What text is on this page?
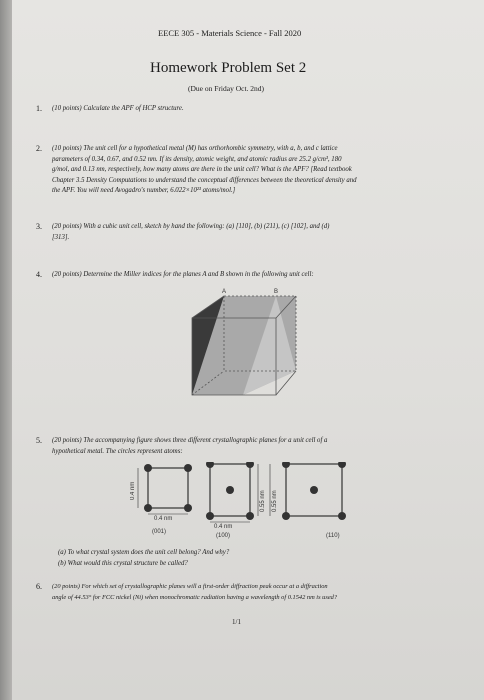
EECE 305 - Materials Science - Fall 2020
Homework Problem Set 2
(Due on Friday Oct. 2nd)
1. (10 points) Calculate the APF of HCP structure.
2. (10 points) The unit cell for a hypothetical metal (M) has orthorhombic symmetry, with a, b, and c lattice
parameters of 0.34, 0.67, and 0.52 nm. If its density, atomic weight, and atomic radius are 25.2 g/cm³, 180
g/mol, and 0.13 nm, respectively, how many atoms are there in the unit cell? What is the APF? [Read textbook
Chapter 3.5 Density Computations to understand the conceptual differences between the theoretical density and
the APF. You will need Avogadro's number, 6.022×10²³ atoms/mol.]
3. (20 points) With a cubic unit cell, sketch by hand the following: (a) [110], (b) (211), (c) [102], and (d)
[313].
4. (20 points) Determine the Miller indices for the planes A and B shown in the following unit cell:
A	B
5. (20 points) The accompanying figure shows three different crystallographic planes for a unit cell of a
hypothetical metal. The circles represent atoms:
0.4 nm
0.4 nm
(001)
0.55 nm
0.4 nm
(100)
0.55 nm
(110)
(a) To what crystal system does the unit cell belong? And why?
(b) What would this crystal structure be called?
6. (20 points) For which set of crystallographic planes will a first-order diffraction peak occur at a diffraction
angle of 44.53° for FCC nickel (Ni) when monochromatic radiation having a wavelength of 0.1542 nm is used?
1/1
